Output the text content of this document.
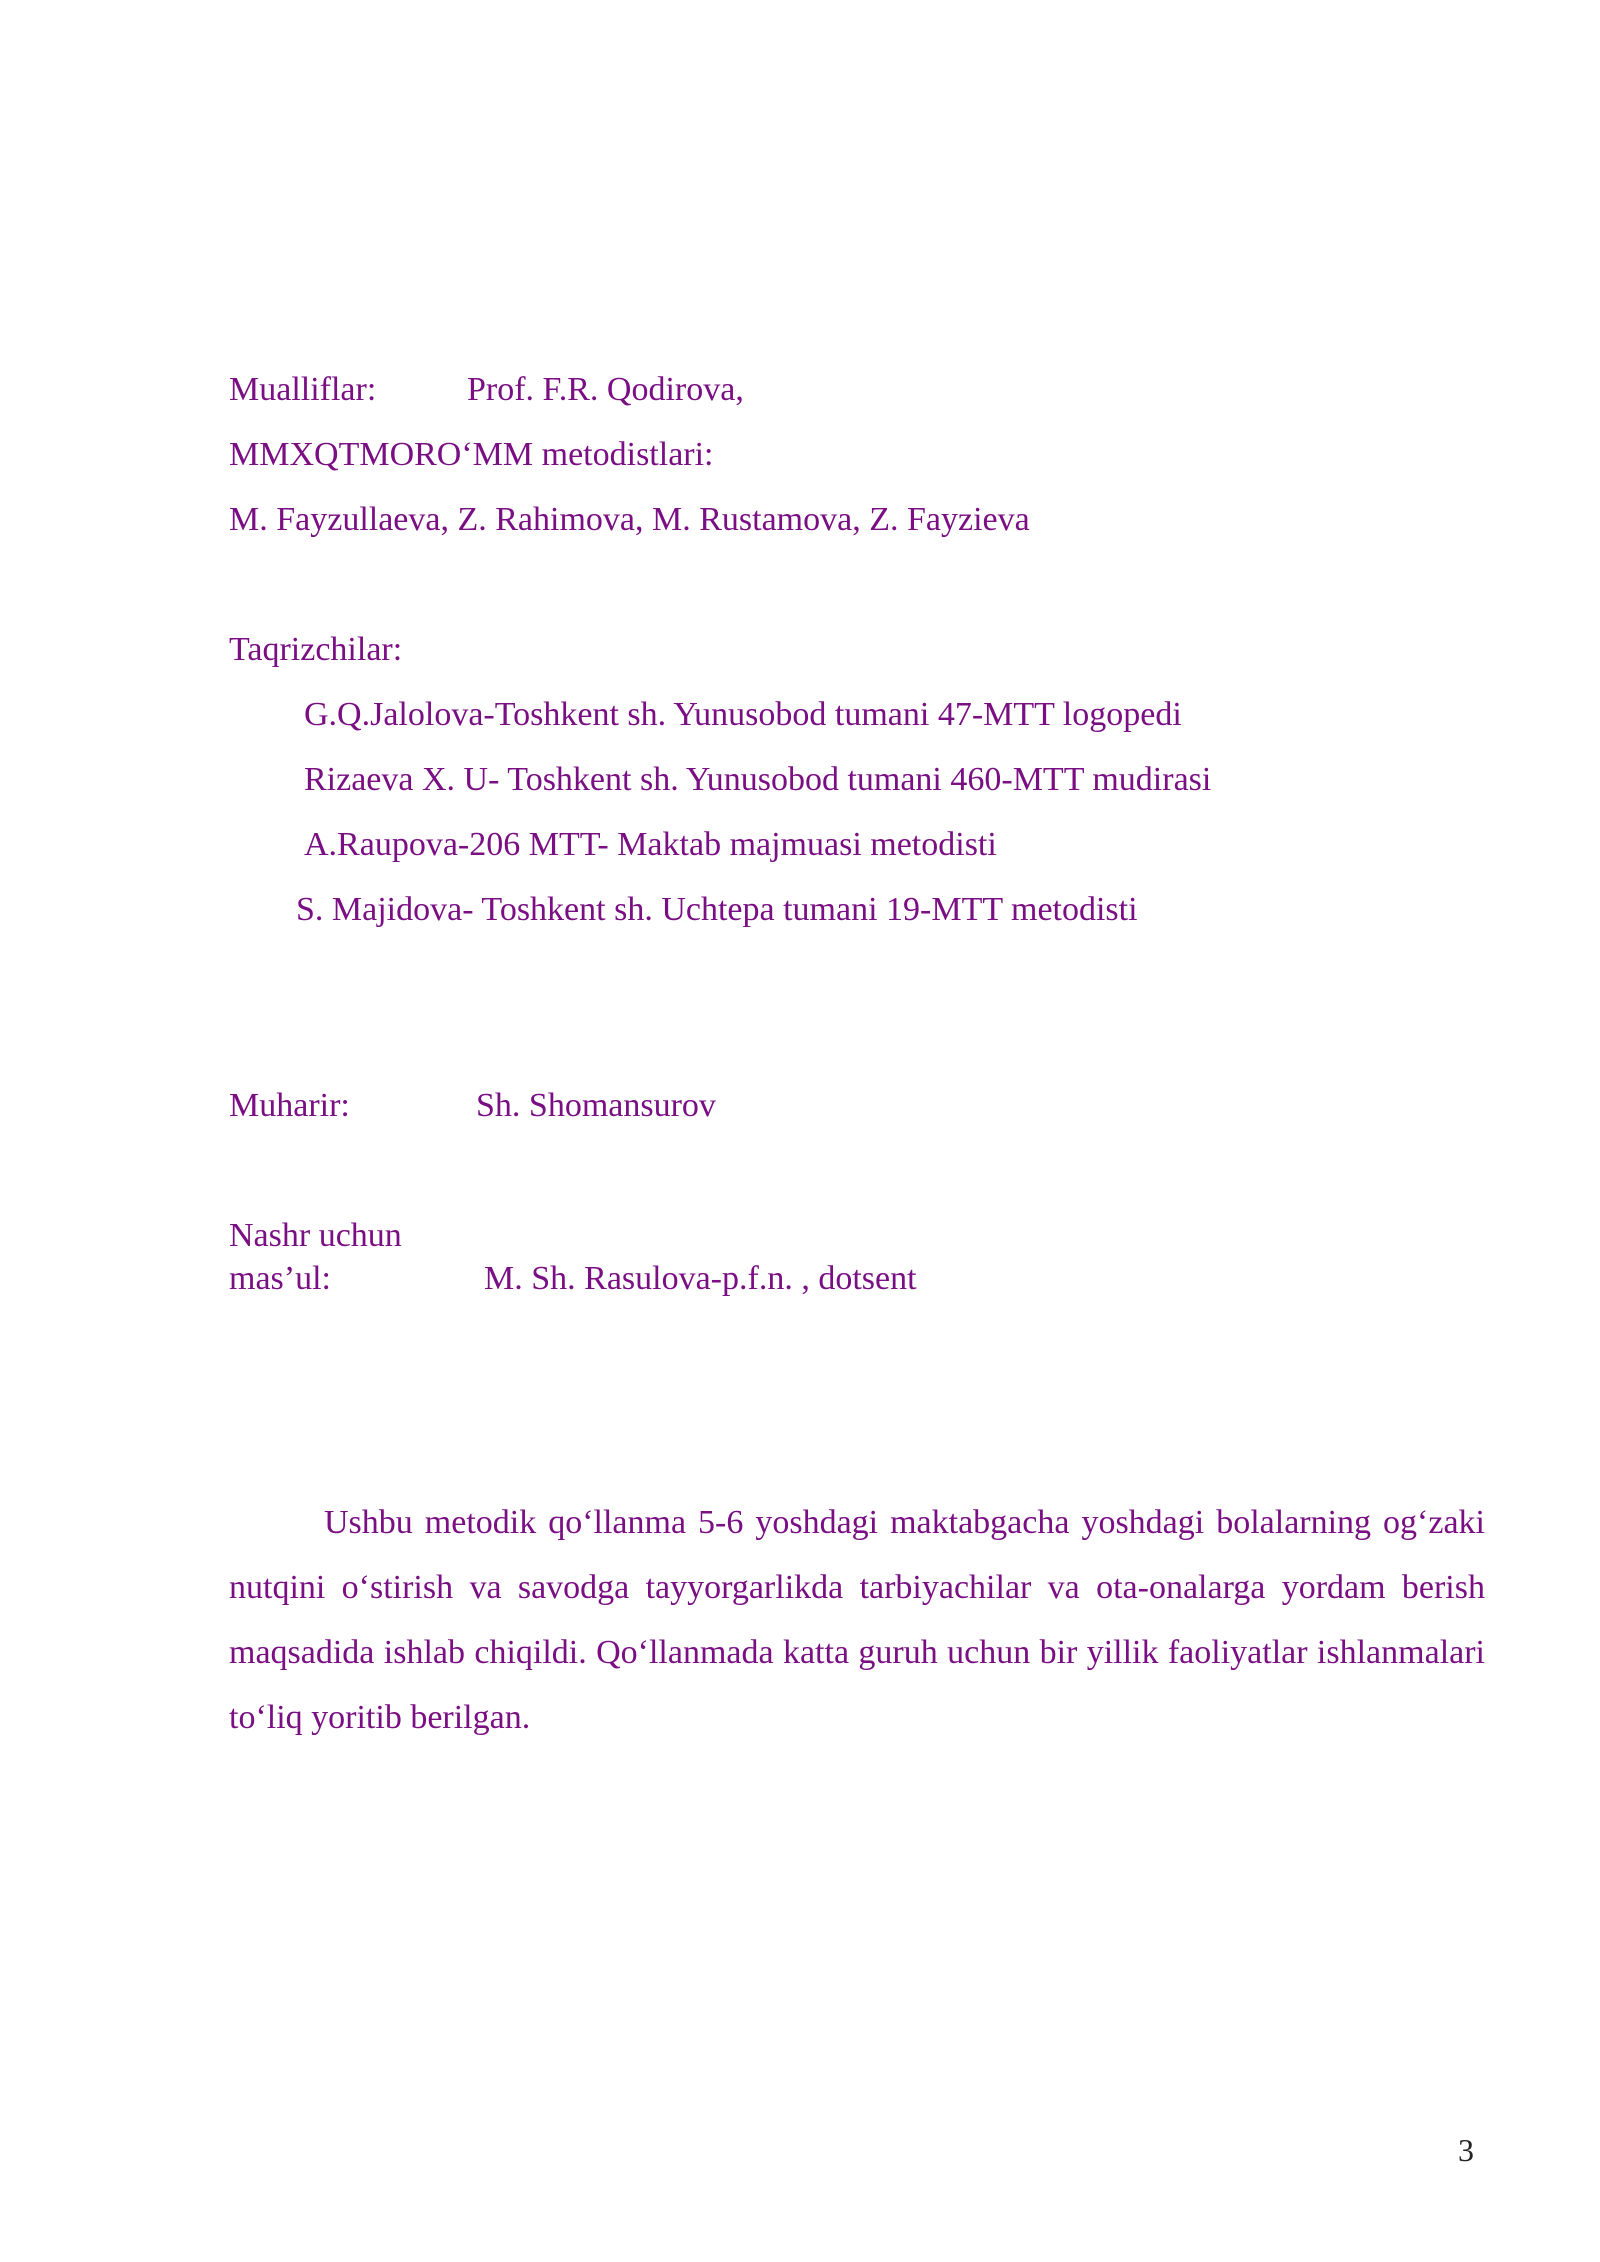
Mualliflar:	Prof. F.R. Qodirova,
MMXQTMORO‘MM metodistlari:
M. Fayzullaeva, Z. Rahimova, M. Rustamova, Z. Fayzieva
Taqrizchilar:
G.Q.Jalolova-Toshkent sh. Yunusobod tumani 47-MTT logopedi
Rizaeva X. U- Toshkent sh. Yunusobod tumani 460-MTT mudirasi
A.Raupova-206 MTT- Maktab majmuasi metodisti
S. Majidova- Toshkent sh. Uchtepa tumani 19-MTT metodisti
Muharir:	Sh. Shomansurov
Nashr uchun
mas’ul:	M. Sh. Rasulova-p.f.n. , dotsent

Ushbu metodik qo‘llanma 5-6 yoshdagi maktabgacha yoshdagi bolalarning og‘zaki nutqini o‘stirish va savodga tayyorgarlikda tarbiyachilar va ota-onalarga yordam berish maqsadida ishlab chiqildi. Qo‘llanmada katta guruh uchun bir yillik faoliyatlar ishlanmalari to‘liq yoritib berilgan.

3
